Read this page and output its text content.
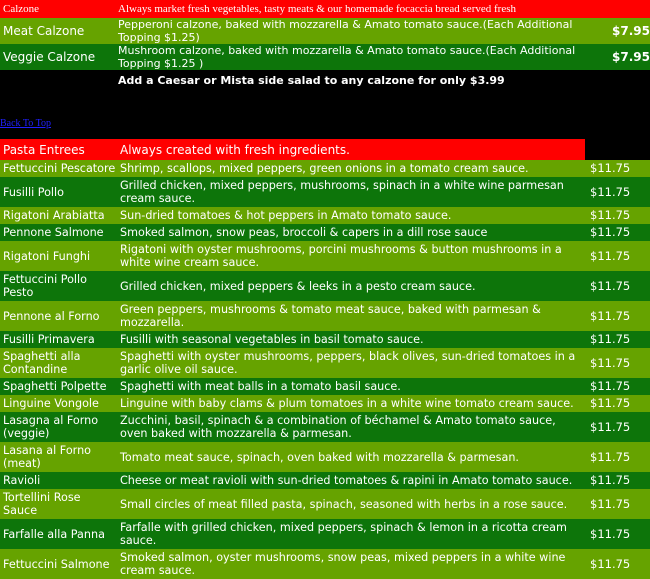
Calzone	Always market fresh vegetables, tasty meats & our homemade focaccia bread served fresh	
Meat Calzone	Pepperoni calzone, baked with mozzarella & Amato tomato sauce.(Each Additional Topping $1.25)	$7.95
Veggie Calzone	Mushroom calzone, baked with mozzarella & Amato tomato sauce.(Each Additional Topping $1.25 )	$7.95
	Add a Caesar or Mista side salad to any calzone for only $3.99	
Back To Top
Pasta Entrees	Always created with fresh ingredients.	
Fettuccini Pescatore	Shrimp, scallops, mixed peppers, green onions in a tomato cream sauce.	$11.75
Fusilli Pollo	Grilled chicken, mixed peppers, mushrooms, spinach in a white wine parmesan cream sauce.	$11.75
Rigatoni Arabiatta	Sun-dried tomatoes & hot peppers in Amato tomato sauce.	$11.75
Pennone Salmone	Smoked salmon, snow peas, broccoli & capers in a dill rose sauce	$11.75
Rigatoni Funghi	Rigatoni with oyster mushrooms, porcini mushrooms & button mushrooms in a white wine cream sauce.	$11.75
Fettuccini Pollo Pesto	Grilled chicken, mixed peppers & leeks in a pesto cream sauce.	$11.75
Pennone al Forno	Green peppers, mushrooms & tomato meat sauce, baked with parmesan & mozzarella.	$11.75
Fusilli Primavera	Fusilli with seasonal vegetables in basil tomato sauce.	$11.75
Spaghetti alla Contandine	Spaghetti with oyster mushrooms, peppers, black olives, sun-dried tomatoes in a garlic olive oil sauce.	$11.75
Spaghetti Polpette	Spaghetti with meat balls in a tomato basil sauce.	$11.75
Linguine Vongole	Linguine with baby clams & plum tomatoes in a white wine tomato cream sauce.	$11.75
Lasagna al Forno (veggie)	Zucchini, basil, spinach & a combination of béchamel & Amato tomato sauce, oven baked with mozzarella & parmesan.	$11.75
Lasana al Forno (meat)	Tomato meat sauce, spinach, oven baked with mozzarella & parmesan.	$11.75
Ravioli	Cheese or meat ravioli with sun-dried tomatoes & rapini in Amato tomato sauce.	$11.75
Tortellini Rose Sauce	Small circles of meat filled pasta, spinach, seasoned with herbs in a rose sauce.	$11.75
Farfalle alla Panna	Farfalle with grilled chicken, mixed peppers, spinach & lemon in a ricotta cream sauce.	$11.75
Fettuccini Salmone	Smoked salmon, oyster mushrooms, snow peas, mixed peppers in a white wine cream sauce.	$11.75
